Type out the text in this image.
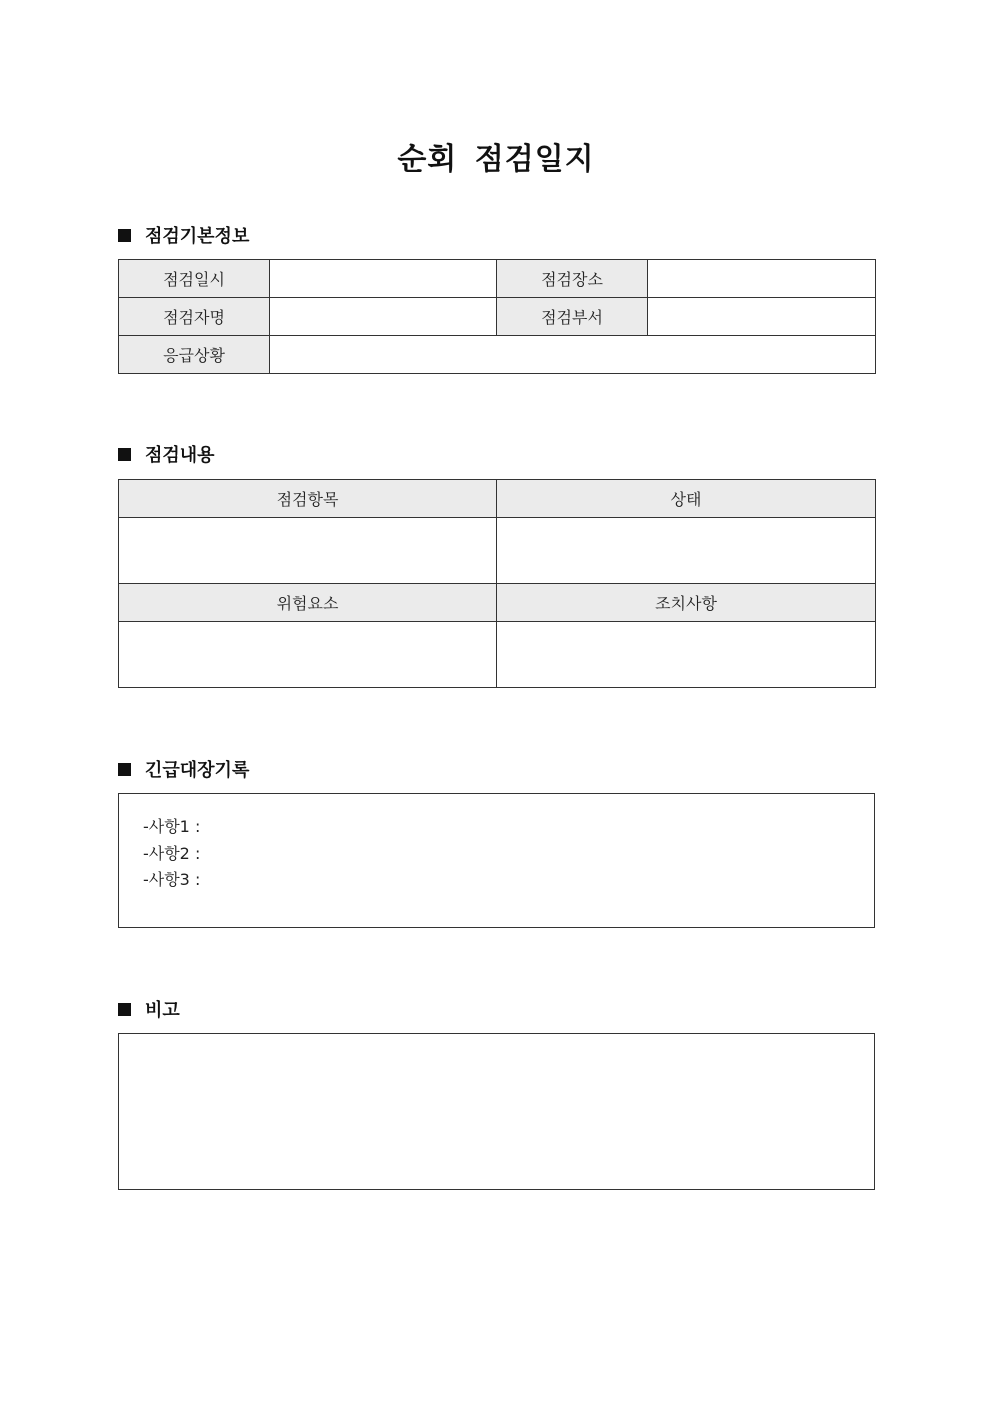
순회 점검일지
점검기본정보
점검일시		점검장소	
점검자명		점검부서	
응급상황			
점검내용
점검항목	상태

위험요소	조치사항

긴급대장기록
-사항1 :
-사항2 :
-사항3 :
비고
